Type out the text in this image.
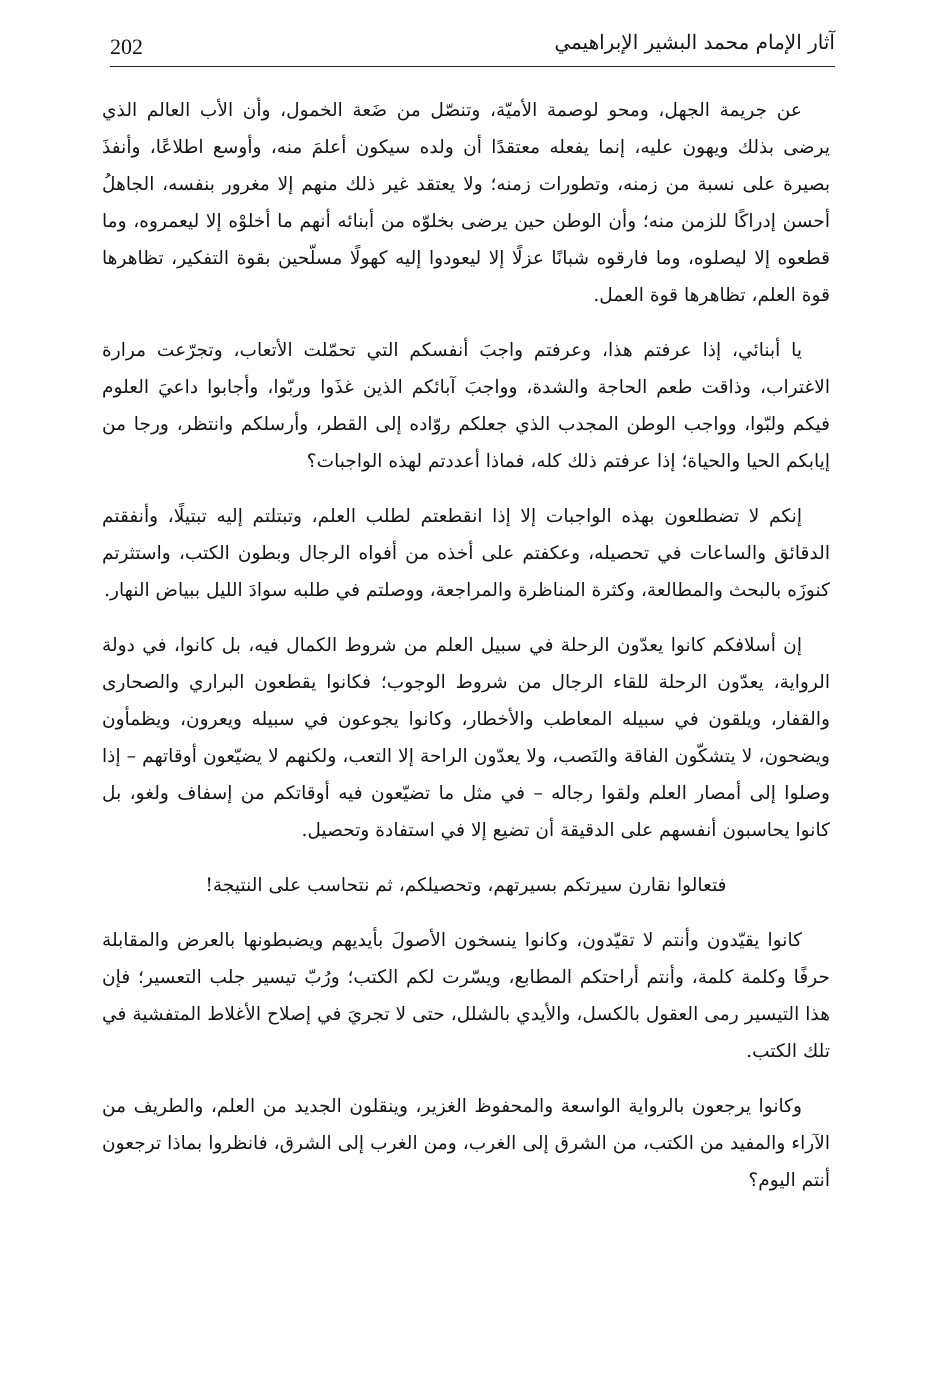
202	آثار الإمام محمد البشير الإبراهيمي

عن جريمة الجهل، ومحو لوصمة الأميّة، وتنصّل من ضَعة الخمول، وأن الأب العالم الذي يرضى بذلك ويهون عليه، إنما يفعله معتقدًا أن ولده سيكون أعلمَ منه، وأوسع اطلاعًا، وأنفذَ بصيرة على نسبة من زمنه، وتطورات زمنه؛ ولا يعتقد غير ذلك منهم إلا مغرور بنفسه، الجاهلُ أحسن إدراكًا للزمن منه؛ وأن الوطن حين يرضى بخلوّه من أبنائه أنهم ما أخلوْه إلا ليعمروه، وما قطعوه إلا ليصلوه، وما فارقوه شبانًا عزلًا إلا ليعودوا إليه كهولًا مسلّحين بقوة التفكير، تظاهرها قوة العلم، تظاهرها قوة العمل.

يا أبنائي، إذا عرفتم هذا، وعرفتم واجبَ أنفسكم التي تحمّلت الأتعاب، وتجرّعت مرارة الاغتراب، وذاقت طعم الحاجة والشدة، وواجبَ آبائكم الذين غذَوا وربّوا، وأجابوا داعيَ العلوم فيكم ولبّوا، وواجب الوطن المجدب الذي جعلكم روّاده إلى القطر، وأرسلكم وانتظر، ورجا من إيابكم الحيا والحياة؛ إذا عرفتم ذلك كله، فماذا أعددتم لهذه الواجبات؟

إنكم لا تضطلعون بهذه الواجبات إلا إذا انقطعتم لطلب العلم، وتبتلتم إليه تبتيلًا، وأنفقتم الدقائق والساعات في تحصيله، وعكفتم على أخذه من أفواه الرجال وبطون الكتب، واستثرتم كنوزَه بالبحث والمطالعة، وكثرة المناظرة والمراجعة، ووصلتم في طلبه سوادَ الليل ببياض النهار.

إن أسلافكم كانوا يعدّون الرحلة في سبيل العلم من شروط الكمال فيه، بل كانوا، في دولة الرواية، يعدّون الرحلة للقاء الرجال من شروط الوجوب؛ فكانوا يقطعون البراري والصحارى والقفار، ويلقون في سبيله المعاطب والأخطار، وكانوا يجوعون في سبيله ويعرون، ويظمأون ويضحون، لا يتشكّون الفاقة والنَصب، ولا يعدّون الراحة إلا التعب، ولكنهم لا يضيّعون أوقاتهم – إذا وصلوا إلى أمصار العلم ولقوا رجاله – في مثل ما تضيّعون فيه أوقاتكم من إسفاف ولغو، بل كانوا يحاسبون أنفسهم على الدقيقة أن تضيع إلا في استفادة وتحصيل.

فتعالوا نقارن سيرتكم بسيرتهم، وتحصيلكم، ثم نتحاسب على النتيجة!

كانوا يقيّدون وأنتم لا تقيّدون، وكانوا ينسخون الأصولَ بأيديهم ويضبطونها بالعرض والمقابلة حرفًا وكلمة كلمة، وأنتم أراحتكم المطابع، ويسّرت لكم الكتب؛ ورُبّ تيسير جلب التعسير؛ فإن هذا التيسير رمى العقول بالكسل، والأيدي بالشلل، حتى لا تجريَ في إصلاح الأغلاط المتفشية في تلك الكتب.

وكانوا يرجعون بالرواية الواسعة والمحفوظ الغزير، وينقلون الجديد من العلم، والطريف من الآراء والمفيد من الكتب، من الشرق إلى الغرب، ومن الغرب إلى الشرق، فانظروا بماذا ترجعون أنتم اليوم؟
